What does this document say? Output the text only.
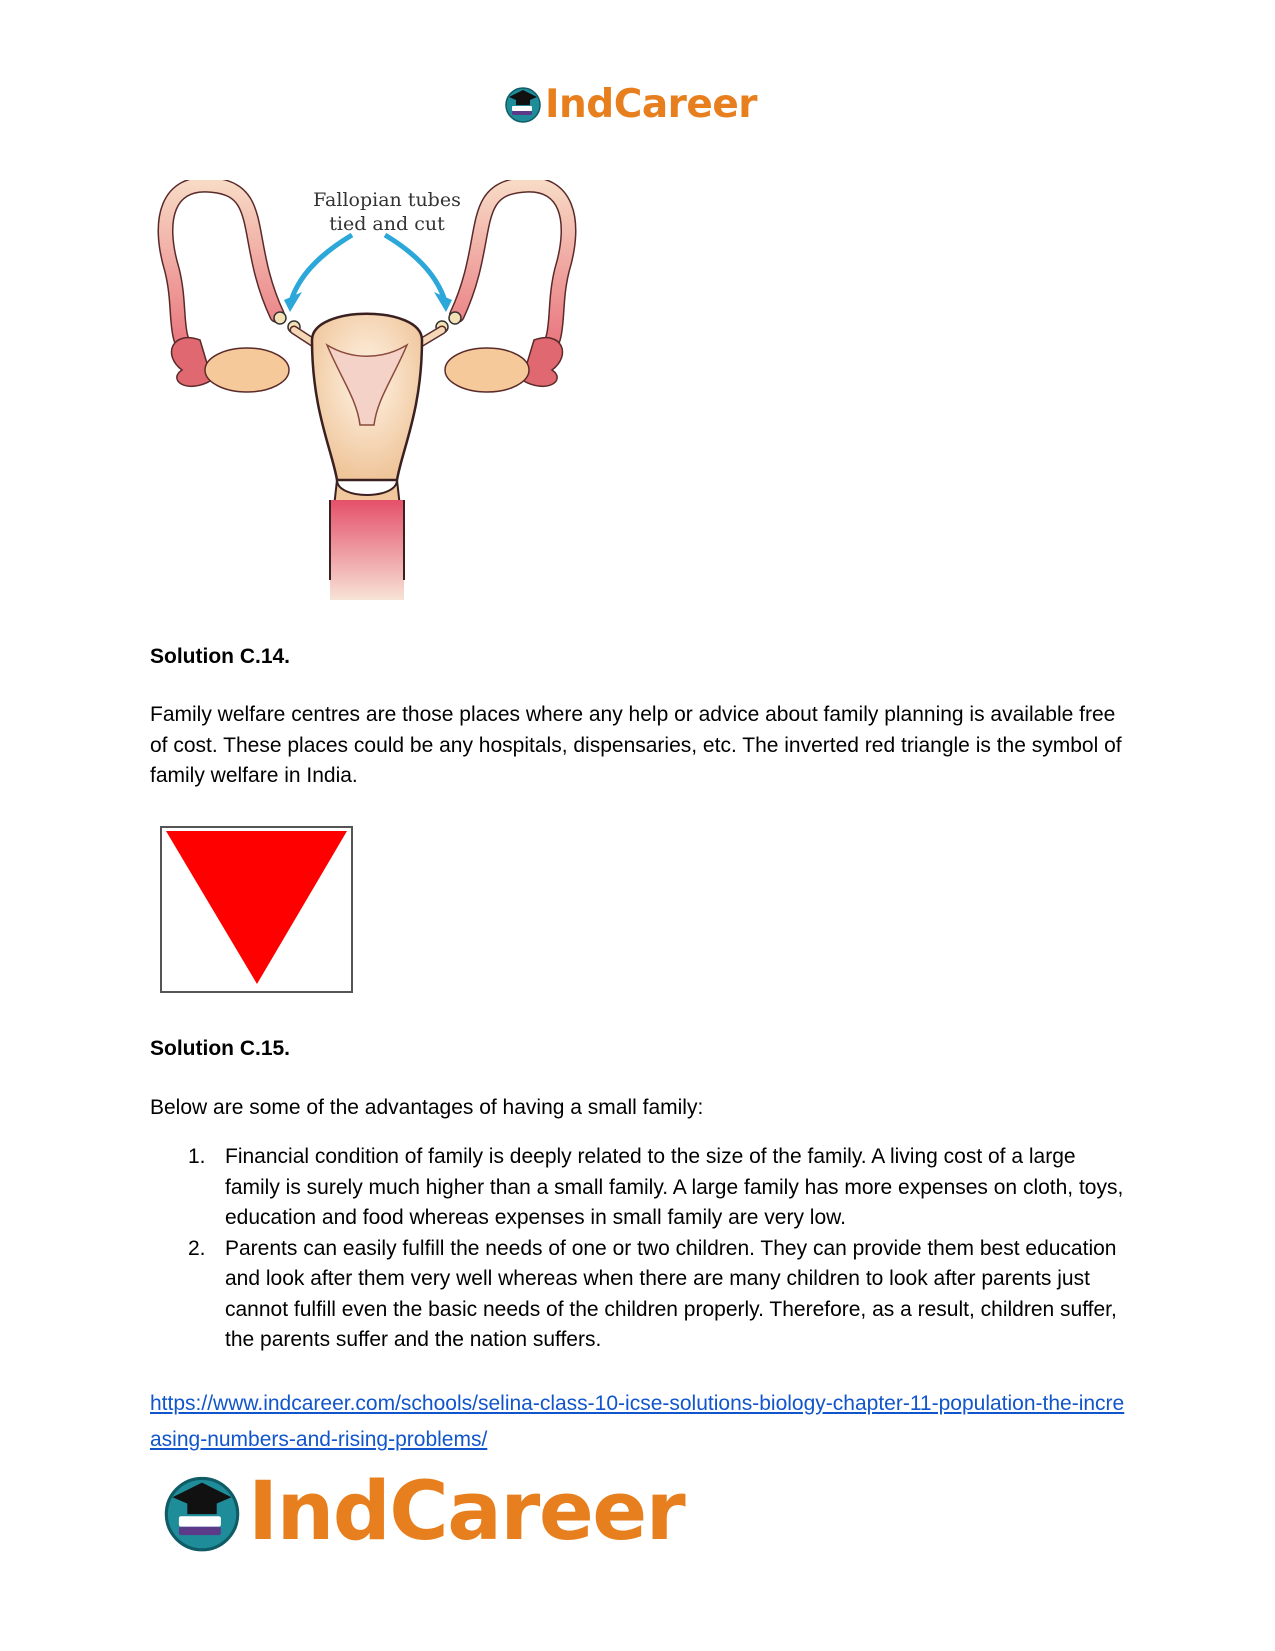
IndCareer
Fallopian tubes
tied and cut
Solution C.14.
Family welfare centres are those places where any help or advice about family planning is available free of cost. These places could be any hospitals, dispensaries, etc. The inverted red triangle is the symbol of family welfare in India.
Solution C.15.
Below are some of the advantages of having a small family:
1. Financial condition of family is deeply related to the size of the family. A living cost of a large family is surely much higher than a small family. A large family has more expenses on cloth, toys, education and food whereas expenses in small family are very low.
2. Parents can easily fulfill the needs of one or two children. They can provide them best education and look after them very well whereas when there are many children to look after parents just cannot fulfill even the basic needs of the children properly. Therefore, as a result, children suffer, the parents suffer and the nation suffers.
https://www.indcareer.com/schools/selina-class-10-icse-solutions-biology-chapter-11-population-the-increasing-numbers-and-rising-problems/
IndCareer
